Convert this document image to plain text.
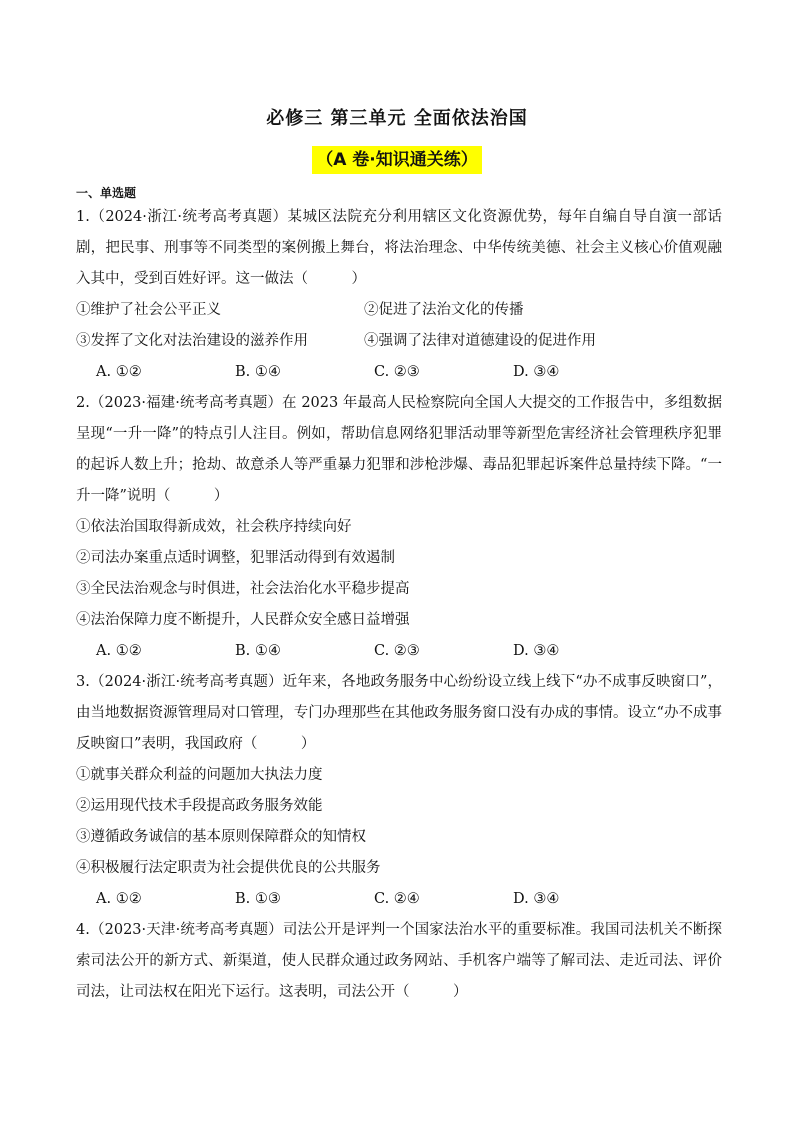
必修三 第三单元 全面依法治国
（A 卷·知识通关练）
一、单选题

1.（2024·浙江·统考高考真题）某城区法院充分利用辖区文化资源优势，每年自编自导自演一部话剧，把民事、刑事等不同类型的案例搬上舞台，将法治理念、中华传统美德、社会主义核心价值观融入其中，受到百姓好评。这一做法（　　　）

①维护了社会公平正义	②促进了法治文化的传播

③发挥了文化对法治建设的滋养作用	④强调了法律对道德建设的促进作用

A. ①②	B. ①④	C. ②③	D. ③④

2.（2023·福建·统考高考真题）在 2023 年最高人民检察院向全国人大提交的工作报告中，多组数据呈现“一升一降”的特点引人注目。例如，帮助信息网络犯罪活动罪等新型危害经济社会管理秩序犯罪的起诉人数上升；抢劫、故意杀人等严重暴力犯罪和涉枪涉爆、毒品犯罪起诉案件总量持续下降。“一升一降”说明（　　　）

①依法治国取得新成效，社会秩序持续向好

②司法办案重点适时调整，犯罪活动得到有效遏制

③全民法治观念与时俱进，社会法治化水平稳步提高

④法治保障力度不断提升，人民群众安全感日益增强

A. ①②	B. ①④	C. ②③	D. ③④

3.（2024·浙江·统考高考真题）近年来，各地政务服务中心纷纷设立线上线下“办不成事反映窗口”，由当地数据资源管理局对口管理，专门办理那些在其他政务服务窗口没有办成的事情。设立“办不成事反映窗口”表明，我国政府（　　　）

①就事关群众利益的问题加大执法力度

②运用现代技术手段提高政务服务效能

③遵循政务诚信的基本原则保障群众的知情权

④积极履行法定职责为社会提供优良的公共服务

A. ①②	B. ①③	C. ②④	D. ③④

4.（2023·天津·统考高考真题）司法公开是评判一个国家法治水平的重要标准。我国司法机关不断探索司法公开的新方式、新渠道，使人民群众通过政务网站、手机客户端等了解司法、走近司法、评价司法，让司法权在阳光下运行。这表明，司法公开（　　　）
